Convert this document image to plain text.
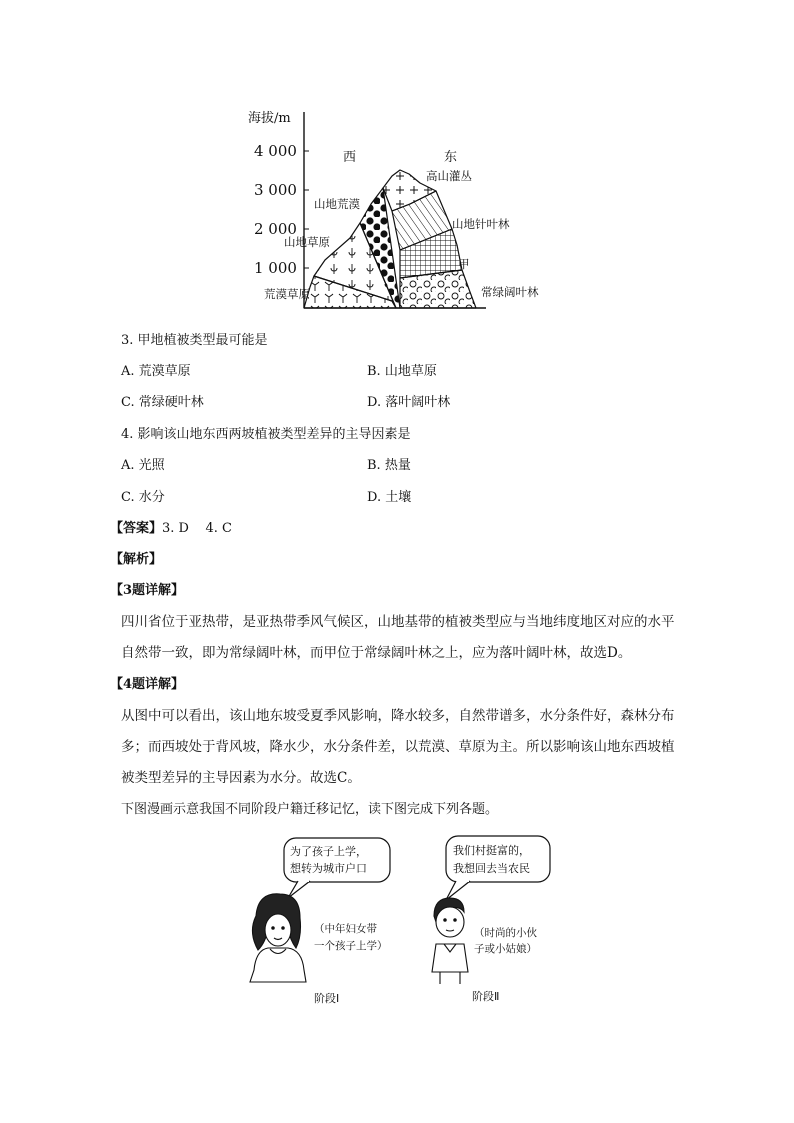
海拔/m
4 000
3 000
2 000
1 000
西	东
高山灌丛
山地荒漠
山地针叶林
山地草原
甲
荒漠草原	常绿阔叶林
3. 甲地植被类型最可能是
A. 荒漠草原	B. 山地草原
C. 常绿硬叶林	D. 落叶阔叶林
4. 影响该山地东西两坡植被类型差异的主导因素是
A. 光照	B. 热量
C. 水分	D. 土壤
【答案】3. D    4. C
【解析】
【3题详解】
四川省位于亚热带，是亚热带季风气候区，山地基带的植被类型应与当地纬度地区对应的水平自然带一致，即为常绿阔叶林，而甲位于常绿阔叶林之上，应为落叶阔叶林，故选D。
【4题详解】
从图中可以看出，该山地东坡受夏季风影响，降水较多，自然带谱多，水分条件好，森林分布多；而西坡处于背风坡，降水少，水分条件差，以荒漠、草原为主。所以影响该山地东西坡植被类型差异的主导因素为水分。故选C。
下图漫画示意我国不同阶段户籍迁移记忆，读下图完成下列各题。
为了孩子上学，
想转为城市户口
（中年妇女带
一个孩子上学）
阶段Ⅰ
我们村挺富的，
我想回去当农民
（时尚的小伙
子或小姑娘）
阶段Ⅱ
